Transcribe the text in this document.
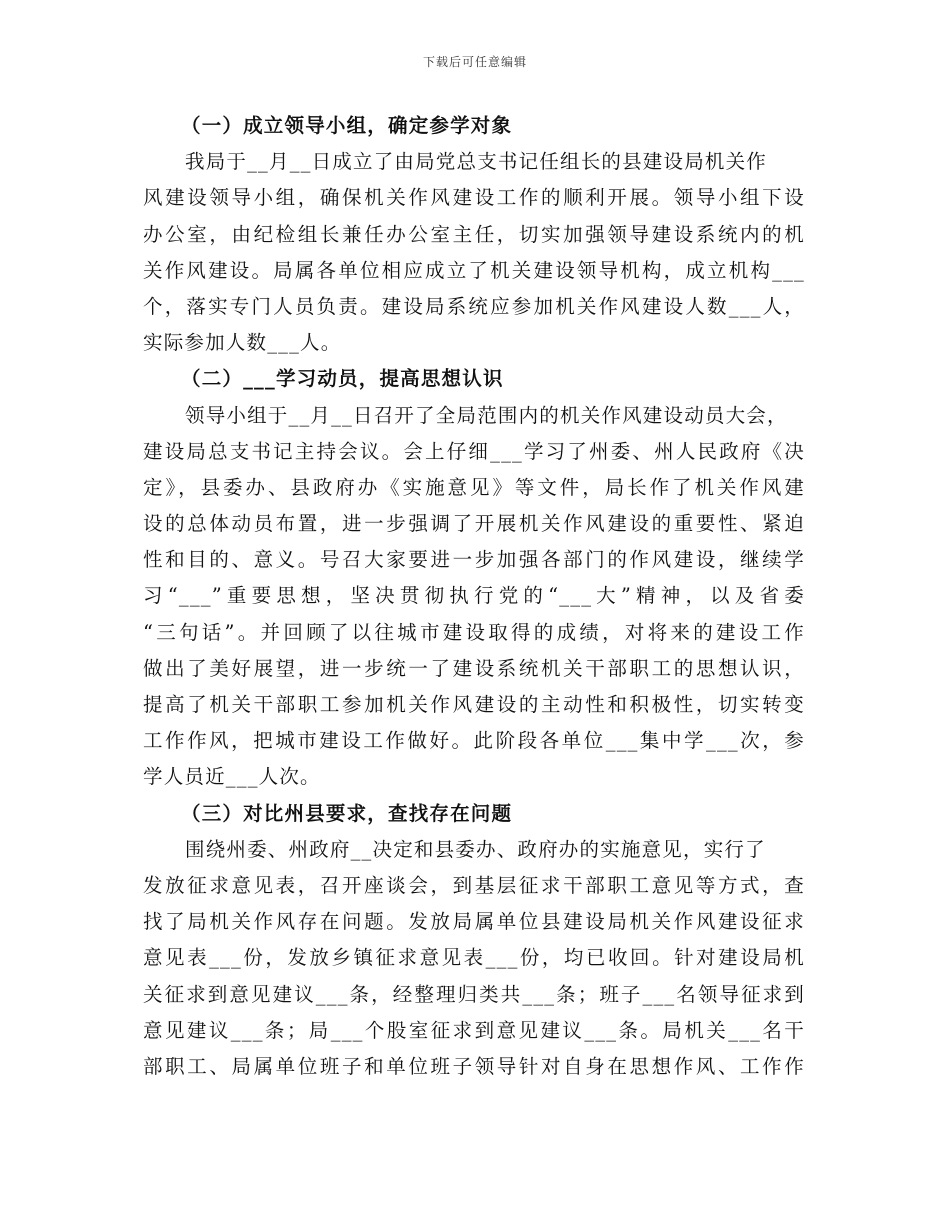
下载后可任意编辑
（一）成立领导小组，确定参学对象
我局于__月__日成立了由局党总支书记任组长的县建设局机关作
风建设领导小组，确保机关作风建设工作的顺利开展。领导小组下设
办公室，由纪检组长兼任办公室主任，切实加强领导建设系统内的机
关作风建设。局属各单位相应成立了机关建设领导机构，成立机构___
个，落实专门人员负责。建设局系统应参加机关作风建设人数___人，
实际参加人数___人。
（二）___学习动员，提高思想认识
领导小组于__月__日召开了全局范围内的机关作风建设动员大会，
建设局总支书记主持会议。会上仔细___学习了州委、州人民政府《决
定》，县委办、县政府办《实施意见》等文件，局长作了机关作风建
设的总体动员布置，进一步强调了开展机关作风建设的重要性、紧迫
性和目的、意义。号召大家要进一步加强各部门的作风建设，继续学
习“___”重要思想，坚决贯彻执行党的“___大”精神，以及省委
“三句话”。并回顾了以往城市建设取得的成绩，对将来的建设工作
做出了美好展望，进一步统一了建设系统机关干部职工的思想认识，
提高了机关干部职工参加机关作风建设的主动性和积极性，切实转变
工作作风，把城市建设工作做好。此阶段各单位___集中学___次，参
学人员近___人次。
（三）对比州县要求，查找存在问题
围绕州委、州政府__决定和县委办、政府办的实施意见，实行了
发放征求意见表，召开座谈会，到基层征求干部职工意见等方式，查
找了局机关作风存在问题。发放局属单位县建设局机关作风建设征求
意见表___份，发放乡镇征求意见表___份，均已收回。针对建设局机
关征求到意见建议___条，经整理归类共___条；班子___名领导征求到
意见建议___条；局___个股室征求到意见建议___条。局机关___名干
部职工、局属单位班子和单位班子领导针对自身在思想作风、工作作
